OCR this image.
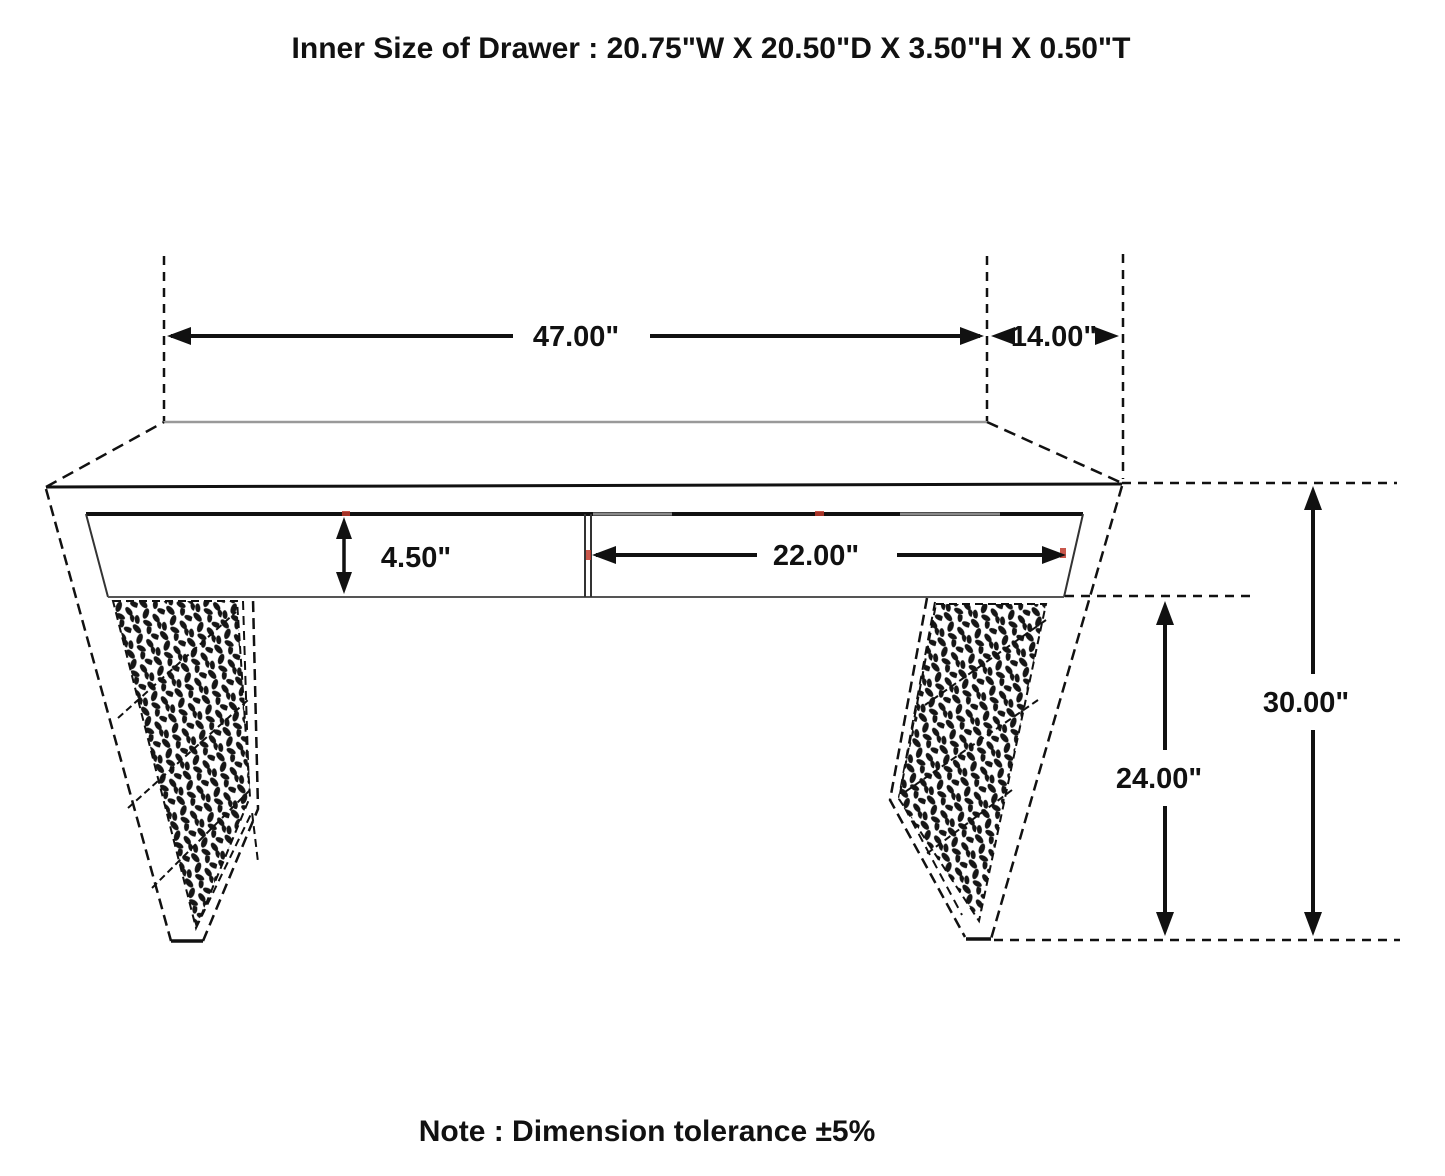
Inner Size of Drawer : 20.75"W X 20.50"D X 3.50"H X 0.50"T
47.00"	14.00"
4.50"	22.00"
24.00"
30.00"
Note : Dimension tolerance ±5%
